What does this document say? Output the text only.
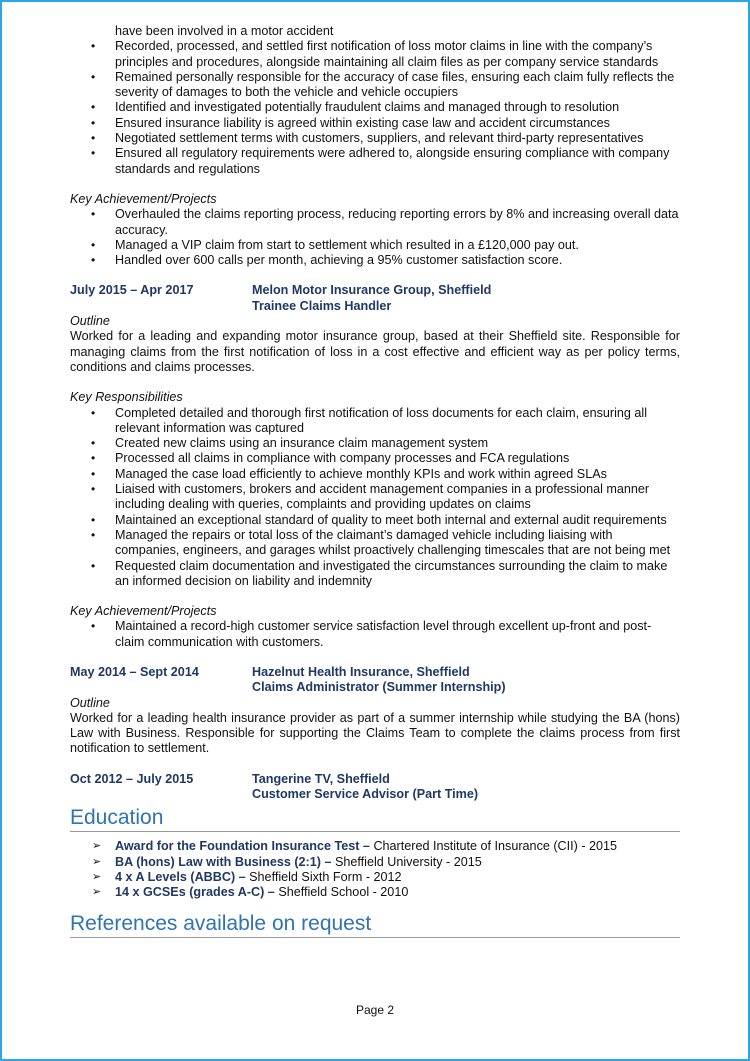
have been involved in a motor accident
• Recorded, processed, and settled first notification of loss motor claims in line with the company’s principles and procedures, alongside maintaining all claim files as per company service standards
• Remained personally responsible for the accuracy of case files, ensuring each claim fully reflects the severity of damages to both the vehicle and vehicle occupiers
• Identified and investigated potentially fraudulent claims and managed through to resolution
• Ensured insurance liability is agreed within existing case law and accident circumstances
• Negotiated settlement terms with customers, suppliers, and relevant third-party representatives
• Ensured all regulatory requirements were adhered to, alongside ensuring compliance with company standards and regulations
Key Achievement/Projects
• Overhauled the claims reporting process, reducing reporting errors by 8% and increasing overall data accuracy.
• Managed a VIP claim from start to settlement which resulted in a £120,000 pay out.
• Handled over 600 calls per month, achieving a 95% customer satisfaction score.
July 2015 – Apr 2017	Melon Motor Insurance Group, Sheffield
Trainee Claims Handler
Outline
Worked for a leading and expanding motor insurance group, based at their Sheffield site. Responsible for managing claims from the first notification of loss in a cost effective and efficient way as per policy terms, conditions and claims processes.
Key Responsibilities
• Completed detailed and thorough first notification of loss documents for each claim, ensuring all relevant information was captured
• Created new claims using an insurance claim management system
• Processed all claims in compliance with company processes and FCA regulations
• Managed the case load efficiently to achieve monthly KPIs and work within agreed SLAs
• Liaised with customers, brokers and accident management companies in a professional manner including dealing with queries, complaints and providing updates on claims
• Maintained an exceptional standard of quality to meet both internal and external audit requirements
• Managed the repairs or total loss of the claimant’s damaged vehicle including liaising with companies, engineers, and garages whilst proactively challenging timescales that are not being met
• Requested claim documentation and investigated the circumstances surrounding the claim to make an informed decision on liability and indemnity
Key Achievement/Projects
• Maintained a record-high customer service satisfaction level through excellent up-front and post-claim communication with customers.
May 2014 – Sept 2014	Hazelnut Health Insurance, Sheffield
Claims Administrator (Summer Internship)
Outline
Worked for a leading health insurance provider as part of a summer internship while studying the BA (hons) Law with Business. Responsible for supporting the Claims Team to complete the claims process from first notification to settlement.
Oct 2012 – July 2015	Tangerine TV, Sheffield
Customer Service Advisor (Part Time)
Education
➢ Award for the Foundation Insurance Test – Chartered Institute of Insurance (CII) - 2015
➢ BA (hons) Law with Business (2:1) – Sheffield University - 2015
➢ 4 x A Levels (ABBC) – Sheffield Sixth Form - 2012
➢ 14 x GCSEs (grades A-C) – Sheffield School - 2010
References available on request
Page 2
